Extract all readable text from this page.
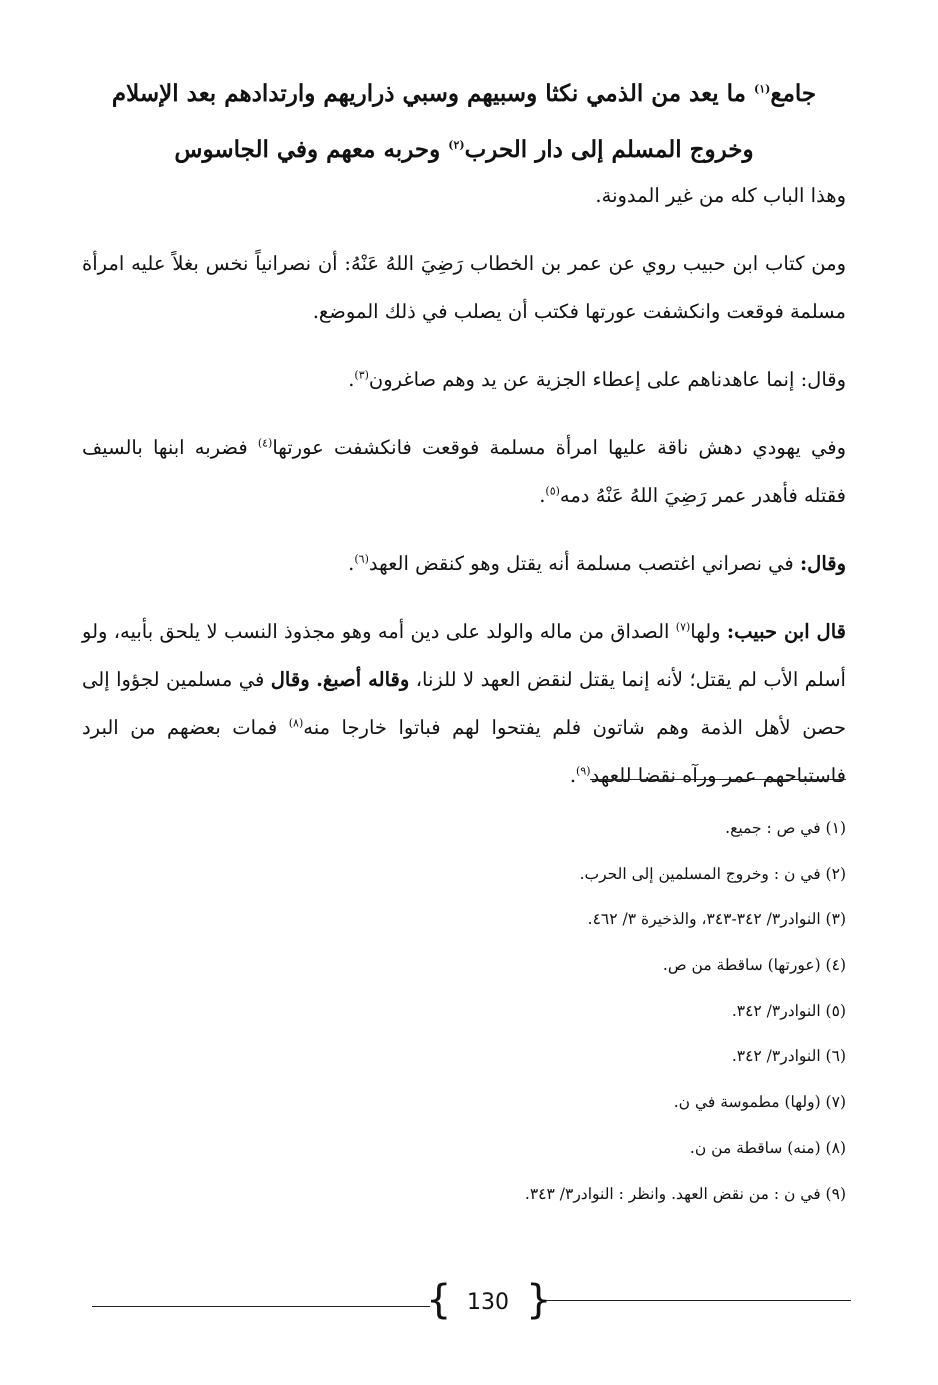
جامع$^{(١)}$ ما يعد من الذمي نكثا وسبيهم وسبي ذراريهم وارتدادهم بعد الإسلام
وخروج المسلم إلى دار الحرب$^{(٢)}$ وحربه معهم وفي الجاسوس

وهذا الباب كله من غير المدونة.

ومن كتاب ابن حبيب روي عن عمر بن الخطاب رَضِيَ اللهُ عَنْهُ: أن نصرانياً نخس بغلاً عليه امرأة مسلمة فوقعت وانكشفت عورتها فكتب أن يصلب في ذلك الموضع.

وقال: إنما عاهدناهم على إعطاء الجزية عن يد وهم صاغرون$^{(٣)}$.

وفي يهودي دهش ناقة عليها امرأة مسلمة فوقعت فانكشفت عورتها$^{(٤)}$ فضربه ابنها بالسيف فقتله فأهدر عمر رَضِيَ اللهُ عَنْهُ دمه$^{(٥)}$.

وقال: في نصراني اغتصب مسلمة أنه يقتل وهو كنقض العهد$^{(٦)}$.

قال ابن حبيب: ولها$^{(٧)}$ الصداق من ماله والولد على دين أمه وهو مجذوذ النسب لا يلحق بأبيه، ولو أسلم الأب لم يقتل؛ لأنه إنما يقتل لنقض العهد لا للزنا، وقاله أصبغ. وقال في مسلمين لجؤوا إلى حصن لأهل الذمة وهم شاتون فلم يفتحوا لهم فباتوا خارجا منه$^{(٨)}$ فمات بعضهم من البرد فاستباحهم عمر ورآه نقضا للعهد$^{(٩)}$.

(١) في ص : جميع.
(٢) في ن : وخروج المسلمين إلى الحرب.
(٣) النوادر٣/ ٣٤٢-٣٤٣، والذخيرة ٣/ ٤٦٢.
(٤) (عورتها) ساقطة من ص.
(٥) النوادر٣/ ٣٤٢.
(٦) النوادر٣/ ٣٤٢.
(٧) (ولها) مطموسة في ن.
(٨) (منه) ساقطة من ن.
(٩) في ن : من نقض العهد. وانظر : النوادر٣/ ٣٤٣.
{ }
130
